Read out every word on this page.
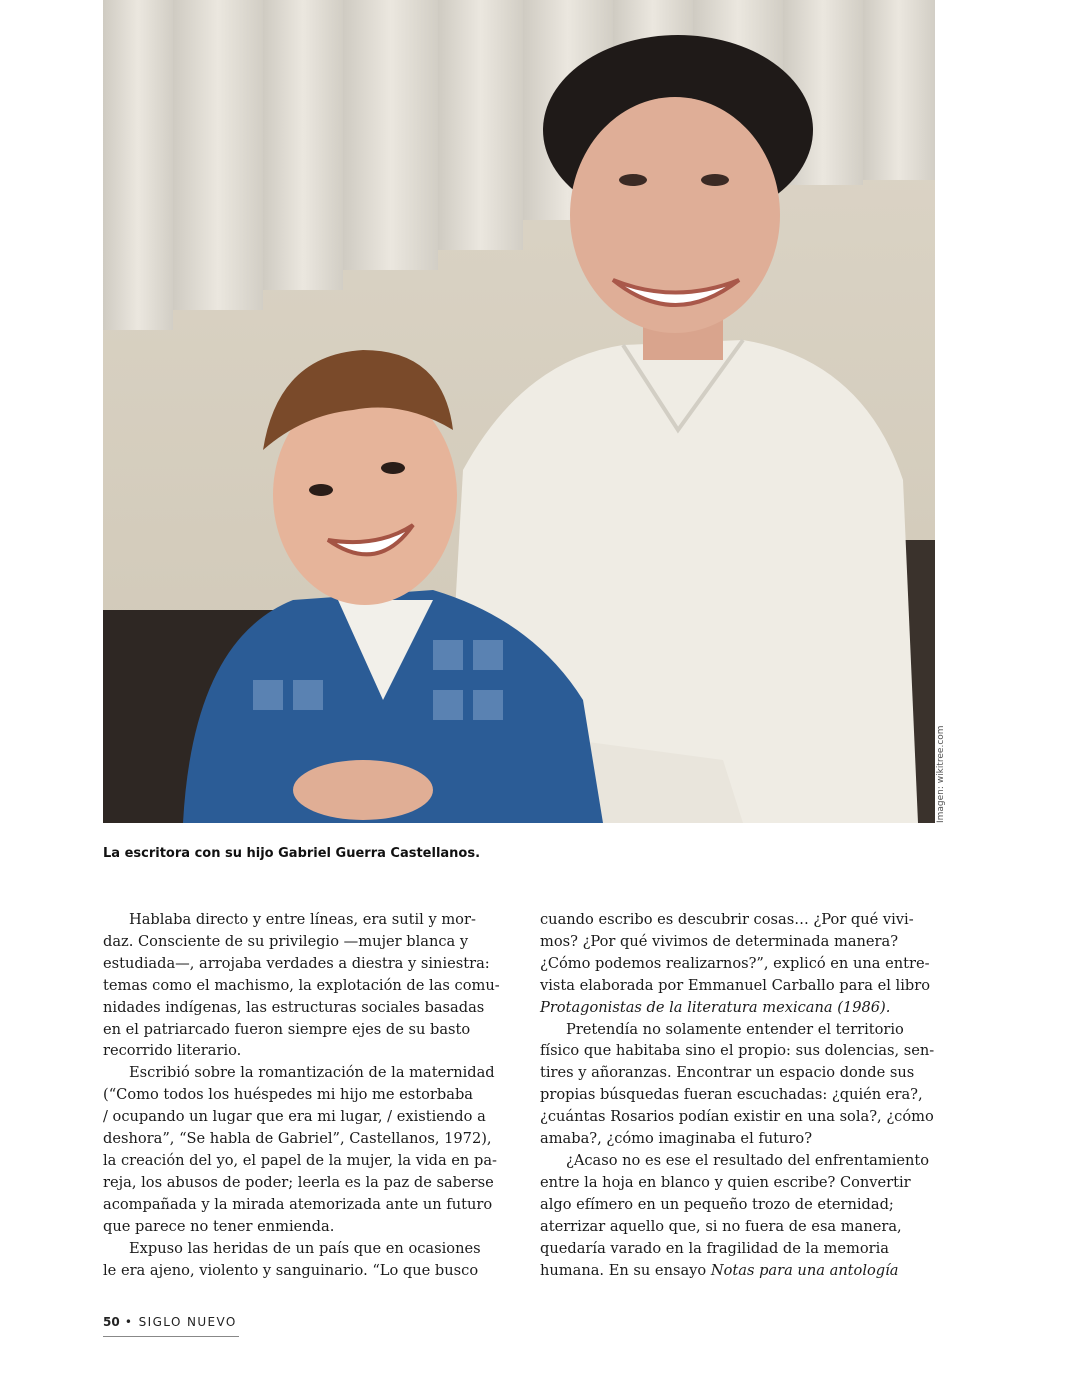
Imagen: wikitree.com
La escritora con su hijo Gabriel Guerra Castellanos.
Hablaba directo y entre líneas, era sutil y mor-
daz. Consciente de su privilegio —mujer blanca y
estudiada—, arrojaba verdades a diestra y siniestra:
temas como el machismo, la explotación de las comu-
nidades indígenas, las estructuras sociales basadas
en el patriarcado fueron siempre ejes de su basto
recorrido literario.
Escribió sobre la romantización de la maternidad
(“Como todos los huéspedes mi hijo me estorbaba
/ ocupando un lugar que era mi lugar, / existiendo a
deshora”, “Se habla de Gabriel”, Castellanos, 1972),
la creación del yo, el papel de la mujer, la vida en pa-
reja, los abusos de poder; leerla es la paz de saberse
acompañada y la mirada atemorizada ante un futuro
que parece no tener enmienda.
Expuso las heridas de un país que en ocasiones
le era ajeno, violento y sanguinario. “Lo que busco
cuando escribo es descubrir cosas… ¿Por qué vivi-
mos? ¿Por qué vivimos de determinada manera?
¿Cómo podemos realizarnos?”, explicó en una entre-
vista elaborada por Emmanuel Carballo para el libro
Protagonistas de la literatura mexicana (1986).
Pretendía no solamente entender el territorio
físico que habitaba sino el propio: sus dolencias, sen-
tires y añoranzas. Encontrar un espacio donde sus
propias búsquedas fueran escuchadas: ¿quién era?,
¿cuántas Rosarios podían existir en una sola?, ¿cómo
amaba?, ¿cómo imaginaba el futuro?
¿Acaso no es ese el resultado del enfrentamiento
entre la hoja en blanco y quien escribe? Convertir
algo efímero en un pequeño trozo de eternidad;
aterrizar aquello que, si no fuera de esa manera,
quedaría varado en la fragilidad de la memoria
humana. En su ensayo Notas para una antología
50 • SIGLO NUEVO
